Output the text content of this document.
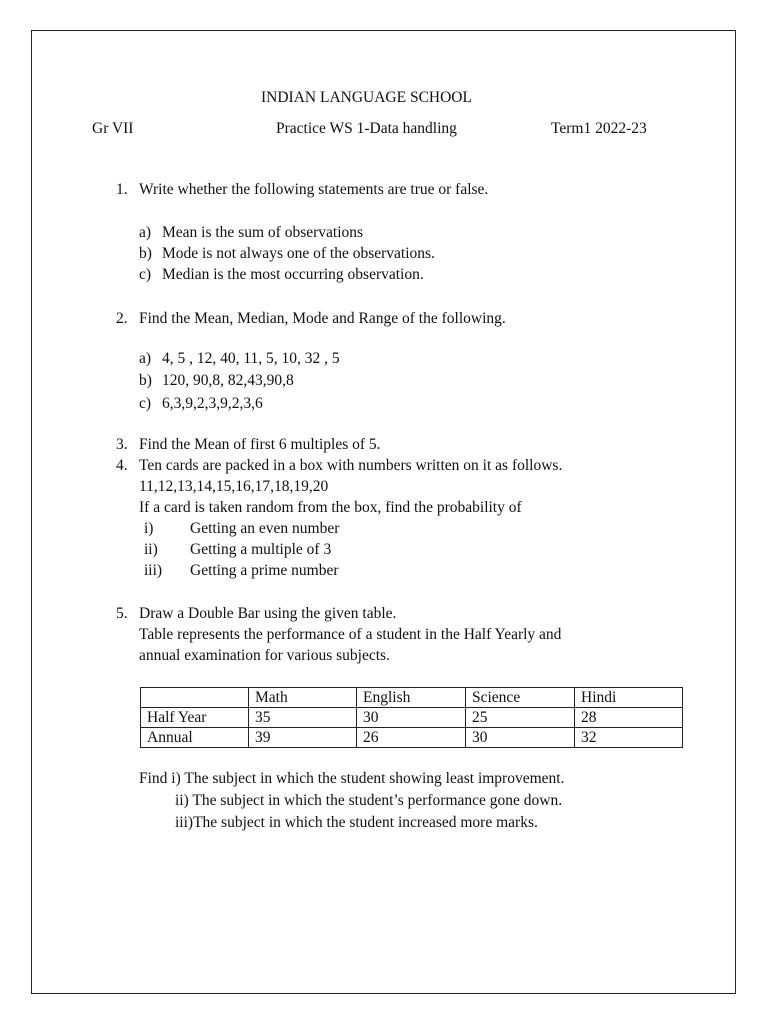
INDIAN LANGUAGE SCHOOL
Gr VII	Practice WS 1-Data handling	Term1 2022-23
1. Write whether the following statements are true or false.
a) Mean is the sum of observations
b) Mode is not always one of the observations.
c) Median is the most occurring observation.
2. Find the Mean, Median, Mode and Range of the following.
a) 4, 5 , 12, 40, 11, 5, 10, 32 , 5
b) 120, 90,8, 82,43,90,8
c) 6,3,9,2,3,9,2,3,6
3. Find the Mean of first 6 multiples of 5.
4. Ten cards are packed in a box with numbers written on it as follows.
11,12,13,14,15,16,17,18,19,20
If a card is taken random from the box, find the probability of
i) Getting an even number
ii) Getting a multiple of 3
iii) Getting a prime number
5. Draw a Double Bar using the given table.
Table represents the performance of a student in the Half Yearly and
annual examination for various subjects.
	Math	English	Science	Hindi
Half Year	35	30	25	28
Annual	39	26	30	32
Find i) The subject in which the student showing least improvement.
ii) The subject in which the student’s performance gone down.
iii)The subject in which the student increased more marks.
